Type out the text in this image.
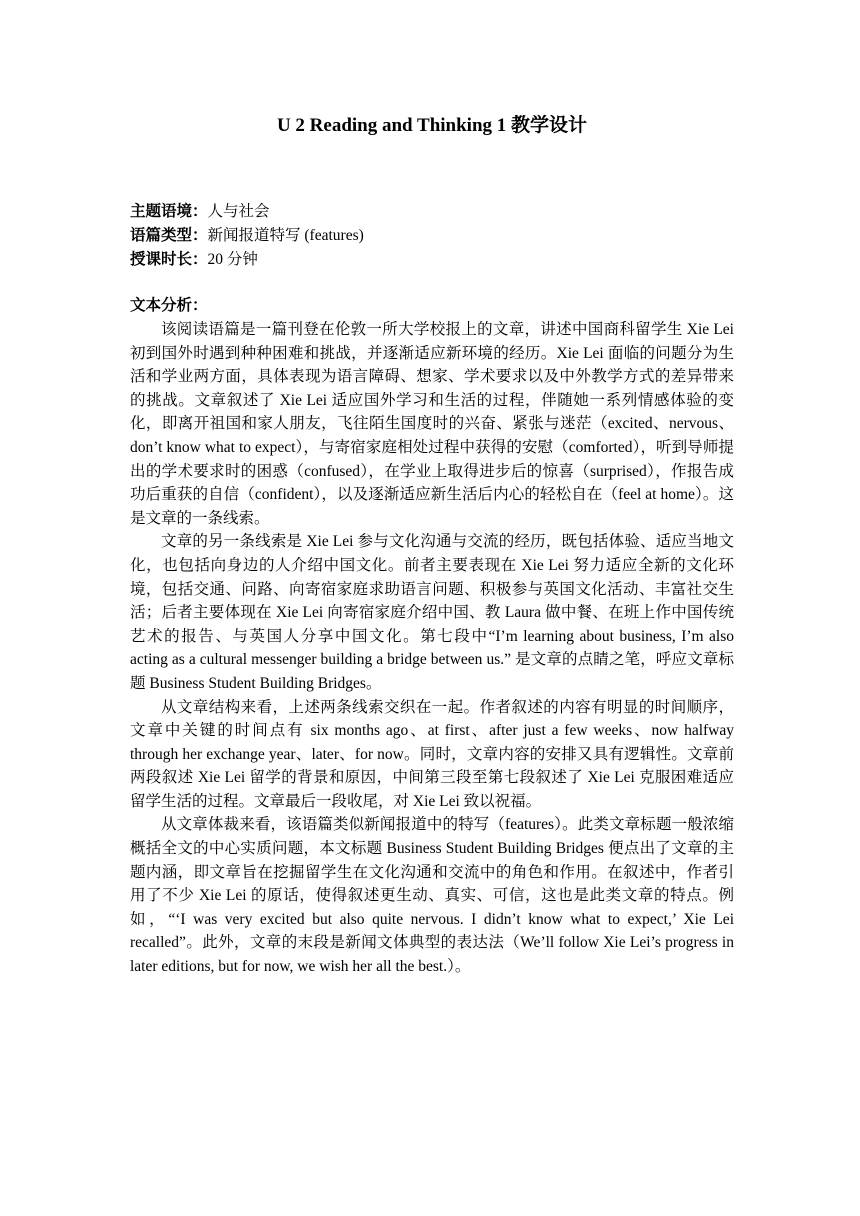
U 2 Reading and Thinking 1 教学设计

主题语境：人与社会

语篇类型：新闻报道特写 (features)

授课时长：20 分钟

文本分析：

该阅读语篇是一篇刊登在伦敦一所大学校报上的文章，讲述中国商科留学生 Xie Lei 初到国外时遇到种种困难和挑战，并逐渐适应新环境的经历。Xie Lei 面临的问题分为生活和学业两方面，具体表现为语言障碍、想家、学术要求以及中外教学方式的差异带来的挑战。文章叙述了 Xie Lei 适应国外学习和生活的过程，伴随她一系列情感体验的变化，即离开祖国和家人朋友，飞往陌生国度时的兴奋、紧张与迷茫（excited、nervous、don’t know what to expect），与寄宿家庭相处过程中获得的安慰（comforted），听到导师提出的学术要求时的困惑（confused），在学业上取得进步后的惊喜（surprised），作报告成功后重获的自信（confident），以及逐渐适应新生活后内心的轻松自在（feel at home）。这是文章的一条线索。

文章的另一条线索是 Xie Lei 参与文化沟通与交流的经历，既包括体验、适应当地文化，也包括向身边的人介绍中国文化。前者主要表现在 Xie Lei 努力适应全新的文化环境，包括交通、问路、向寄宿家庭求助语言问题、积极参与英国文化活动、丰富社交生活；后者主要体现在 Xie Lei 向寄宿家庭介绍中国、教 Laura 做中餐、在班上作中国传统艺术的报告、与英国人分享中国文化。第七段中“I’m learning about business, I’m also acting as a cultural messenger building a bridge between us.” 是文章的点睛之笔，呼应文章标题 Business Student Building Bridges。

从文章结构来看，上述两条线索交织在一起。作者叙述的内容有明显的时间顺序，文章中关键的时间点有 six months ago、at first、after just a few weeks、now halfway through her exchange year、later、for now。同时，文章内容的安排又具有逻辑性。文章前两段叙述 Xie Lei 留学的背景和原因，中间第三段至第七段叙述了 Xie Lei 克服困难适应留学生活的过程。文章最后一段收尾，对 Xie Lei 致以祝福。

从文章体裁来看，该语篇类似新闻报道中的特写（features）。此类文章标题一般浓缩概括全文的中心实质问题，本文标题 Business Student Building Bridges 便点出了文章的主题内涵，即文章旨在挖掘留学生在文化沟通和交流中的角色和作用。在叙述中，作者引用了不少 Xie Lei 的原话，使得叙述更生动、真实、可信，这也是此类文章的特点。例如，“‘I was very excited but also quite nervous. I didn’t know what to expect,’ Xie Lei recalled”。此外，文章的末段是新闻文体典型的表达法（We’ll follow Xie Lei’s progress in later editions, but for now, we wish her all the best.）。
